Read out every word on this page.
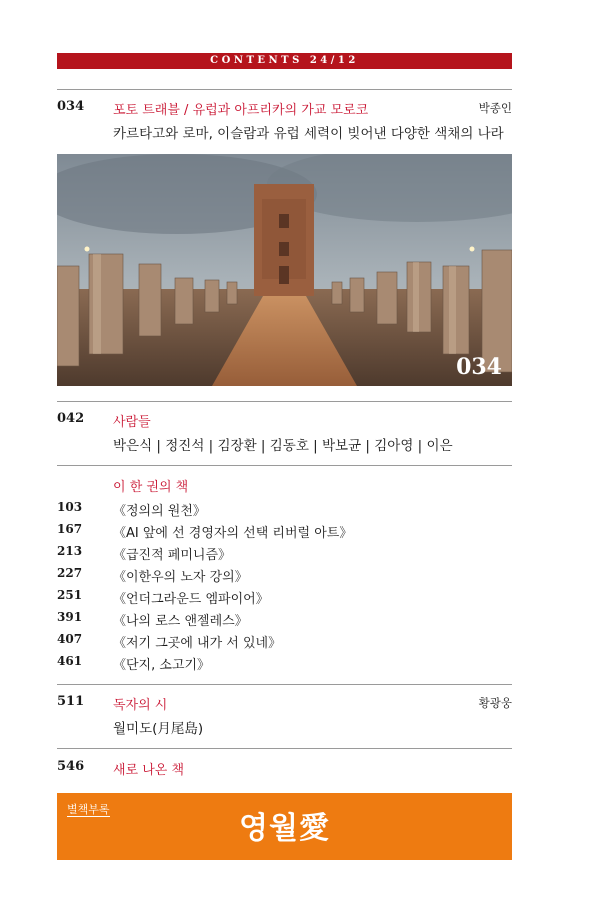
CONTENTS 24/12
034 포토 트래블 / 유럽과 아프리카의 가교 모로코	박종인
카르타고와 로마, 이슬람과 유럽 세력이 빚어낸 다양한 색채의 나라
034
042 사람들
박은식 | 정진석 | 김장환 | 김동호 | 박보균 | 김아영 | 이은
이 한 권의 책
103 《정의의 원천》
167 《AI 앞에 선 경영자의 선택 리버럴 아트》
213 《급진적 페미니즘》
227 《이한우의 노자 강의》
251 《언더그라운드 엠파이어》
391 《나의 로스 앤젤레스》
407 《저기 그곳에 내가 서 있네》
461 《단지, 소고기》
511 독자의 시	황광웅
월미도(月尾島)
546 새로 나온 책
별책부록
영월愛
